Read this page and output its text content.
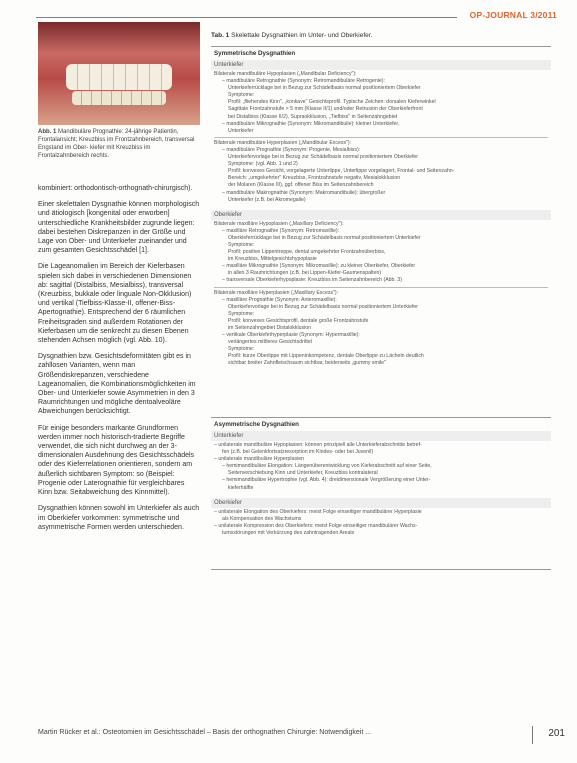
OP-JOURNAL 3/2011
Abb. 1 Mandibuläre Prognathie: 24-jährige Patientin, Frontalansicht; Kreuzbiss im Frontzahnbereich, transversal Engstand im Ober- kiefer mit Kreuzbiss im Frontalzahnbereich rechts.

kombiniert: orthodontisch-orthognath-chirurgisch).

Einer skelettalen Dysgnathie können morphologisch und ätiologisch [kongenital oder erworben] unterschiedliche Krankheitsbilder zugrunde liegen: dabei bestehen Diskrepanzen in der Größe und Lage von Ober- und Unterkiefer zueinander und zum gesamten Gesichtsschädel [1].

Die Lageanomalien im Bereich der Kieferbasen spielen sich dabei in verschiedenen Dimensionen ab: sagittal (Distalbiss, Mesialbiss), transversal (Kreuzbiss, bukkale oder linguale Non-Okklusion) und vertikal (Tiefbiss-Klasse-II, offener-Biss-Apertognathie). Entsprechend der 6 räumlichen Freiheitsgraden sind außerdem Rotationen der Kieferbasen um die senkrecht zu diesen Ebenen stehenden Achsen möglich (vgl. Abb. 10).

Dysgnathien bzw. Gesichtsdeformitäten gibt es in zahllosen Varianten, wenn man Größendiskrepanzen, verschiedene Lageanomalien, die Kombinationsmöglichkeiten im Ober- und Unterkiefer sowie Asymmetrien in den 3 Raumrichtungen und mögliche dentoalveoläre Abweichungen berücksichtigt.

Für einige besonders markante Grundformen werden immer noch historisch-tradierte Begriffe verwendet, die sich nicht durchweg an der 3-dimensionalen Ausdehnung des Gesichtsschädels oder des Kieferrelationen orientieren, sondern am äußerlich sichtbaren Symptom: so (Beispiel: Progenie oder Laterognathie für vergleichbares Kinn bzw. Seitabweichung des Kinnmittel).

Dysgnathien können sowohl im Unterkiefer als auch im Oberkiefer vorkommen: symmetrische und asymmetrische Formen werden unterschieden.

Tab. 1 Skelettale Dysgnathien im Unter- und Oberkiefer.
Symmetrische Dysgnathien
Unterkiefer
Bilaterale mandibuläre Hypoplasien („Mandibular Deficiency"):
– mandibuläre Retrognathie (Synonym: Retromandibuläre Retrogenie):
Unterkieferrücklage bei in Bezug zur Schädelbasis normal positioniertem Oberkiefer
Symptome:
Profil: „fliehendes Kinn", „konkave“ Gesichtsprofil. Typische Zeichen: dorsalen Kieferwinkel
Sagittale Frontzahnstufe > 5 mm (Klasse II/1) und/oder Retrusion der Oberkieferfront
bei Distalbiss (Klasse II/2), Supraokklusion, „Tiefbiss" in Seitenzahngebiet
– mandibuläre Mikrognathie (Synonym: Mikromandibulie): kleiner Unterkiefer,
Unterkiefer
Bilaterale mandibuläre Hyperplasien („Mandibular Excess"):
– mandibuläre Prognathie (Synonym: Progenie, Mesialbiss):
Unterkiefervorlage bei in Bezug zur Schädelbasis normal positioniertem Oberkiefer
Symptome: (vgl. Abb. 1 und 2)
Profil: konvexes Gesicht, vorgelagerte Unterlippe, Unterlippe vorgelagert, Frontal- und Seitenzahn-
Bereich: „umgekehrter" Kreuzbiss, Frontzahnstufe negativ, Mesialokklusion
der Molaren (Klasse III), ggf. offener Biss im Seitenzahnbereich
– mandibuläre Makrognathie (Synonym: Makromandibulie): übergroßer
Unterkiefer (z.B. bei Akromegalie)
Oberkiefer
Bilaterale maxilläre Hypoplasien („Maxillary Deficiency"):
– maxilläre Retrognathie (Synonym: Retromaxillie):
Oberkieferrücklage bei in Bezug zur Schädelbasis normal positioniertem Unterkiefer
Symptome:
Profil: positive Lippentreppe, dental umgekehrter Frontzahnüberbiss,
im Kreuzbiss, Mittelgesichtshypoplasie
– maxilläre Mikrognathie (Synonym: Mikromaxillie): zu kleiner Oberkiefer, Oberkiefer
in allen 3 Raumrichtungen (z.B. bei Lippen-Kiefer-Gaumenspalten)
– transversale Oberkieferhypoplasie: Kreuzbiss im Seitenzahnbereich (Abb. 3)
Bilaterale maxilläre Hyperplasien („Maxillary Excess"):
– maxilläre Prognathie (Synonym: Anteromaxillie):
Oberkiefervorlage bei in Bezug zur Schädelbasis normal positioniertem Unterkiefer
Symptome:
Profil: konvexes Gesichtsprofil, dentale große Frontzahnstufe
im Seitenzahngebiet Distalokklusion
– vertikale Oberkieferhyperplasie (Synonym: Hypermaxillie):
verlängertes mittleres Gesichtsdrittel
Symptome:
Profil: kurze Oberlippe mit Lippeninkompetenz, dentale Oberlippe zu Lächeln deutlich
sichtbar breiter Zahnfleischsaum sichtbar, beiderseits „gummy smile"
Asymmetrische Dysgnathien
Unterkiefer
– unilaterale mandibuläre Hypoplasien: können prinzipiell alle Unterkieferabschnitte betref-
fen (z.B. bei Gelenkfortsatzresorption im Kindes- oder bei Juvenil)
– unilaterale mandibuläre Hyperplasien
– hemimandibuläre Elongation: Längenüberentwicklung von Kieferabschnitt auf einer Seite,
Seitenverschiebung Kinn und Unterkiefer, Kreuzbiss kontralateral
– hemimandibuläre Hypertrophie (vgl. Abb. 4): dreidimensionale Vergrößerung einer Unter-
kieferhälfte
Oberkiefer
– unilaterale Elongation des Oberkiefers: meist Folge einseitiger mandibulärer Hyperplasie
als Kompensation des Wachstums
– unilaterale Kompression des Oberkiefers: meist Folge einseitiger mandibulärer Wachs-
tumsstörungen mit Verkürzung des zahntragenden Areals
Martin Rücker et al.: Osteotomien im Gesichtsschädel – Basis der orthognathen Chirurgie: Notwendigkeit ...	201
